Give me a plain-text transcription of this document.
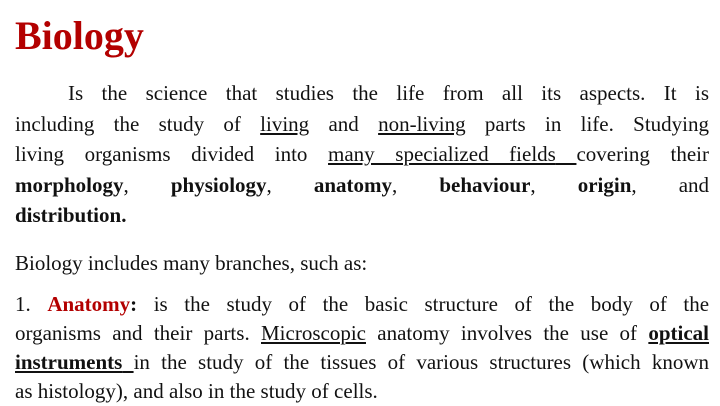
Biology
Is the science that studies the life from all its aspects. It is
including the study of living and non-living parts in life. Studying
living organisms divided into many specialized fields covering their
morphology, physiology, anatomy, behaviour, origin, and
distribution.

Biology includes many branches, such as:

1. Anatomy: is the study of the basic structure of the body of the
organisms and their parts. Microscopic anatomy involves the use of optical
instruments in the study of the tissues of various structures (which known
as histology), and also in the study of cells.
